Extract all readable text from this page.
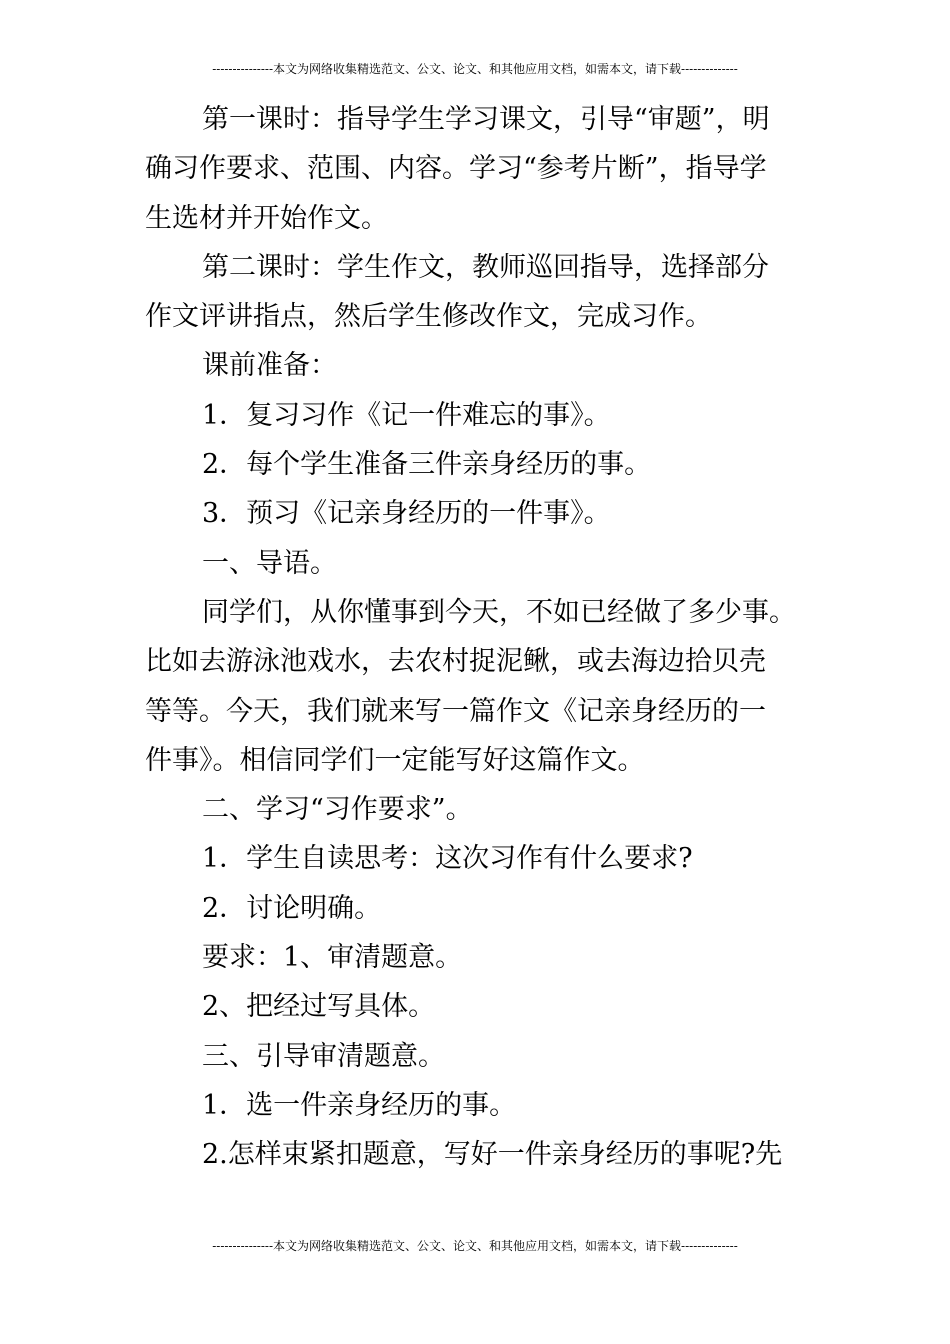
---------------本文为网络收集精选范文、公文、论文、和其他应用文档，如需本文，请下载--------------
第一课时：指导学生学习课文，引导“审题”，明
确习作要求、范围、内容。学习“参考片断”，指导学
生选材并开始作文。
第二课时：学生作文，教师巡回指导，选择部分
作文评讲指点，然后学生修改作文，完成习作。
课前准备：
1．复习习作《记一件难忘的事》。
2．每个学生准备三件亲身经历的事。
3．预习《记亲身经历的一件事》。
一、导语。
同学们，从你懂事到今天，不如已经做了多少事。
比如去游泳池戏水，去农村捉泥鳅，或去海边拾贝壳
等等。今天，我们就来写一篇作文《记亲身经历的一
件事》。相信同学们一定能写好这篇作文。
二、学习“习作要求”。
1．学生自读思考：这次习作有什么要求?
2．讨论明确。
要求：1、审清题意。
2、把经过写具体。
三、引导审清题意。
1．选一件亲身经历的事。
2.怎样束紧扣题意，写好一件亲身经历的事呢?先
---------------本文为网络收集精选范文、公文、论文、和其他应用文档，如需本文，请下载--------------
